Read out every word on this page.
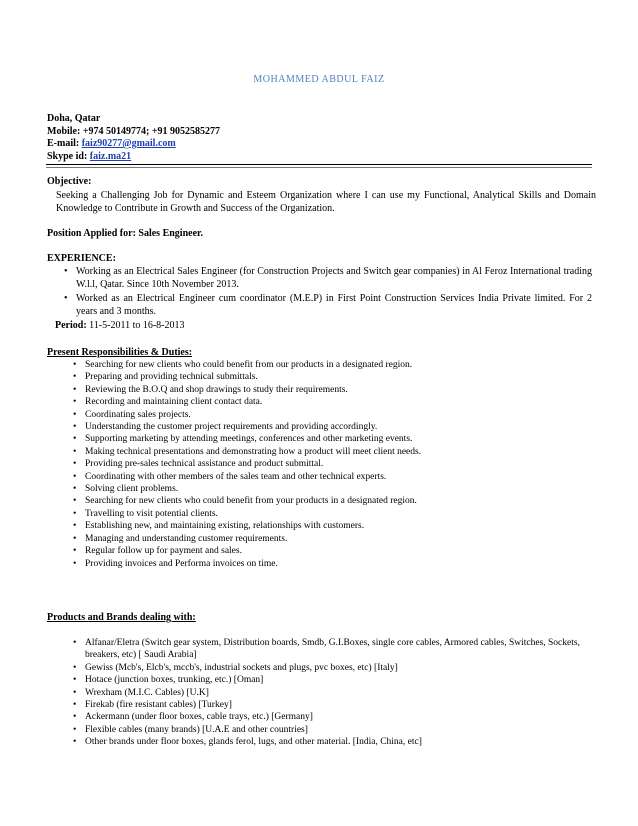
MOHAMMED ABDUL FAIZ
Doha, Qatar
Mobile: +974 50149774; +91 9052585277
E-mail: faiz90277@gmail.com
Skype id: faiz.ma21
Objective:
Seeking a Challenging Job for Dynamic and Esteem Organization where I can use my Functional, Analytical Skills and Domain Knowledge to Contribute in Growth and Success of the Organization.
Position Applied for: Sales Engineer.
EXPERIENCE:
• Working as an Electrical Sales Engineer (for Construction Projects and Switch gear companies) in Al Feroz International trading W.l.l, Qatar. Since 10th November 2013.
• Worked as an Electrical Engineer cum coordinator (M.E.P) in First Point Construction Services India Private limited. For 2 years and 3 months.
Period: 11-5-2011 to 16-8-2013
Present Responsibilities & Duties:
• Searching for new clients who could benefit from our products in a designated region.
• Preparing and providing technical submittals.
• Reviewing the B.O.Q and shop drawings to study their requirements.
• Recording and maintaining client contact data.
• Coordinating sales projects.
• Understanding the customer project requirements and providing accordingly.
• Supporting marketing by attending meetings, conferences and other marketing events.
• Making technical presentations and demonstrating how a product will meet client needs.
• Providing pre-sales technical assistance and product submittal.
• Coordinating with other members of the sales team and other technical experts.
• Solving client problems.
• Searching for new clients who could benefit from your products in a designated region.
• Travelling to visit potential clients.
• Establishing new, and maintaining existing, relationships with customers.
• Managing and understanding customer requirements.
• Regular follow up for payment and sales.
• Providing invoices and Performa invoices on time.
Products and Brands dealing with:
• Alfanar/Eletra (Switch gear system, Distribution boards, Smdb, G.I.Boxes, single core cables, Armored cables, Switches, Sockets, breakers, etc) [ Saudi Arabia]
• Gewiss (Mcb's, Elcb's, mccb's, industrial sockets and plugs, pvc boxes, etc) [Italy]
• Hotace (junction boxes, trunking, etc.) [Oman]
• Wrexham (M.I.C. Cables) [U.K]
• Firekab (fire resistant cables) [Turkey]
• Ackermann (under floor boxes, cable trays, etc.) [Germany]
• Flexible cables (many brands) [U.A.E and other countries]
• Other brands under floor boxes, glands ferol, lugs, and other material. [India, China, etc]
